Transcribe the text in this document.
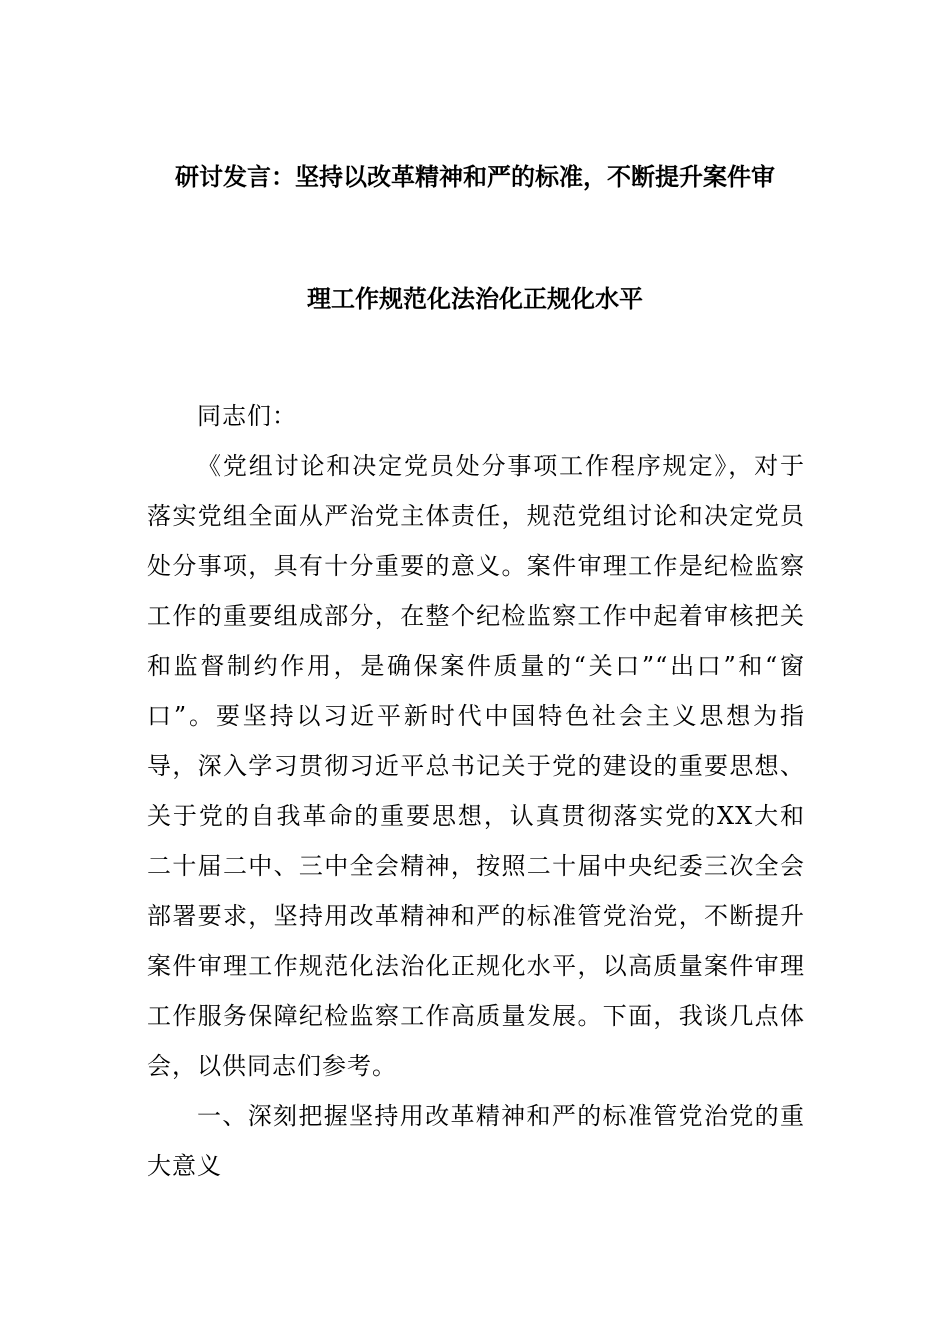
研讨发言：坚持以改革精神和严的标准，不断提升案件审
理工作规范化法治化正规化水平
同志们：
《党组讨论和决定党员处分事项工作程序规定》，对于落实党组全面从严治党主体责任，规范党组讨论和决定党员处分事项，具有十分重要的意义。案件审理工作是纪检监察工作的重要组成部分，在整个纪检监察工作中起着审核把关和监督制约作用，是确保案件质量的“关口”“出口”和“窗口”。要坚持以习近平新时代中国特色社会主义思想为指导，深入学习贯彻习近平总书记关于党的建设的重要思想、关于党的自我革命的重要思想，认真贯彻落实党的XX大和二十届二中、三中全会精神，按照二十届中央纪委三次全会部署要求，坚持用改革精神和严的标准管党治党，不断提升案件审理工作规范化法治化正规化水平，以高质量案件审理工作服务保障纪检监察工作高质量发展。下面，我谈几点体会，以供同志们参考。
一、深刻把握坚持用改革精神和严的标准管党治党的重大意义
